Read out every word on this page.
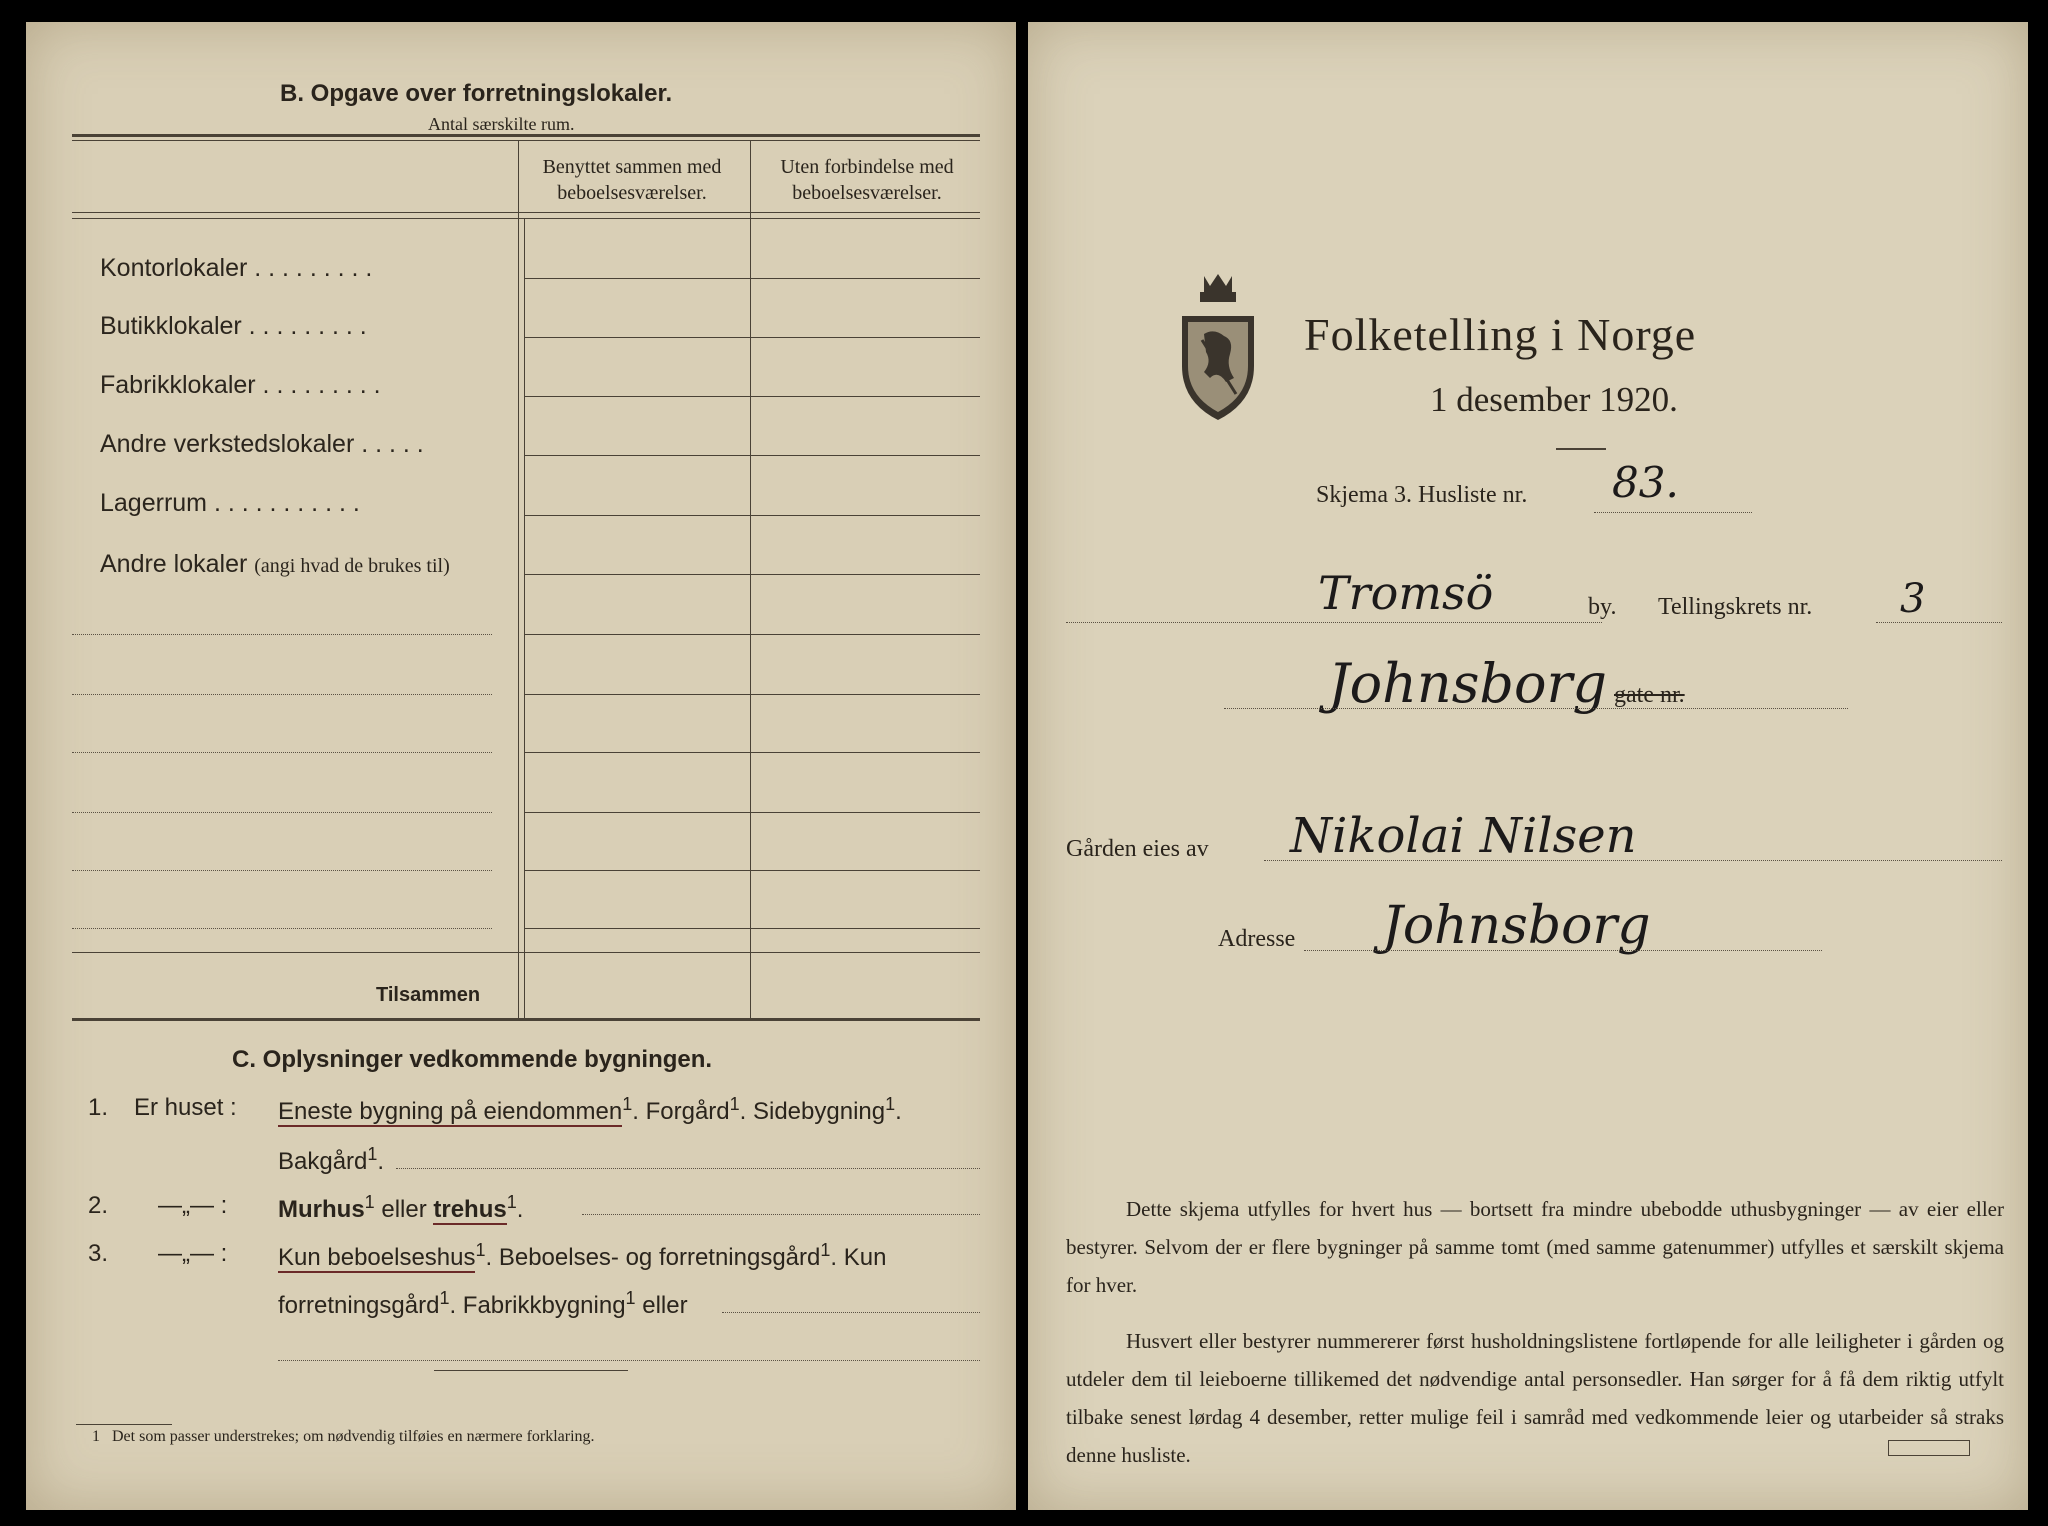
B. Opgave over forretningslokaler.
Antal særskilte rum.
Benyttet sammen med
beboelsesværelser.
Uten forbindelse med
beboelsesværelser.
Kontorlokaler . . . . . . . . .
Butikklokaler . . . . . . . . .
Fabrikklokaler . . . . . . . . .
Andre verkstedslokaler . . . . .
Lagerrum . . . . . . . . . . .
Andre lokaler (angi hvad de brukes til)
Tilsammen
C. Oplysninger vedkommende bygningen.
1. Er huset : Eneste bygning på eiendommen$^1$. Forgård$^1$. Sidebygning$^1$.
Bakgård$^1$.
2. —„— : Murhus$^1$ eller trehus$^1$.
3. —„— : Kun beboelseshus$^1$. Beboelses- og forretningsgård$^1$. Kun
forretningsgård$^1$. Fabrikkbygning$^1$ eller
1 Det som passer understrekes; om nødvendig tilføies en nærmere forklaring.
Folketelling i Norge
1 desember 1920.
Skjema 3. Husliste nr. 83.
Tromsö	by. Tellingskrets nr. 3
Johnsborg gate nr.
Gården eies av Nikolai Nilsen
Adresse Johnsborg
Dette skjema utfylles for hvert hus — bortsett fra mindre ubebodde uthusbygninger — av eier eller bestyrer. Selvom der er flere bygninger på samme tomt (med samme gatenummer) utfylles et særskilt skjema for hver.
Husvert eller bestyrer nummererer først husholdningslistene fortløpende for alle leiligheter i gården og utdeler dem til leieboerne tillikemed det nødvendige antal personsedler. Han sørger for å få dem riktig utfylt tilbake senest lørdag 4 desember, retter mulige feil i samråd med vedkommende leier og utarbeider så straks denne husliste.
